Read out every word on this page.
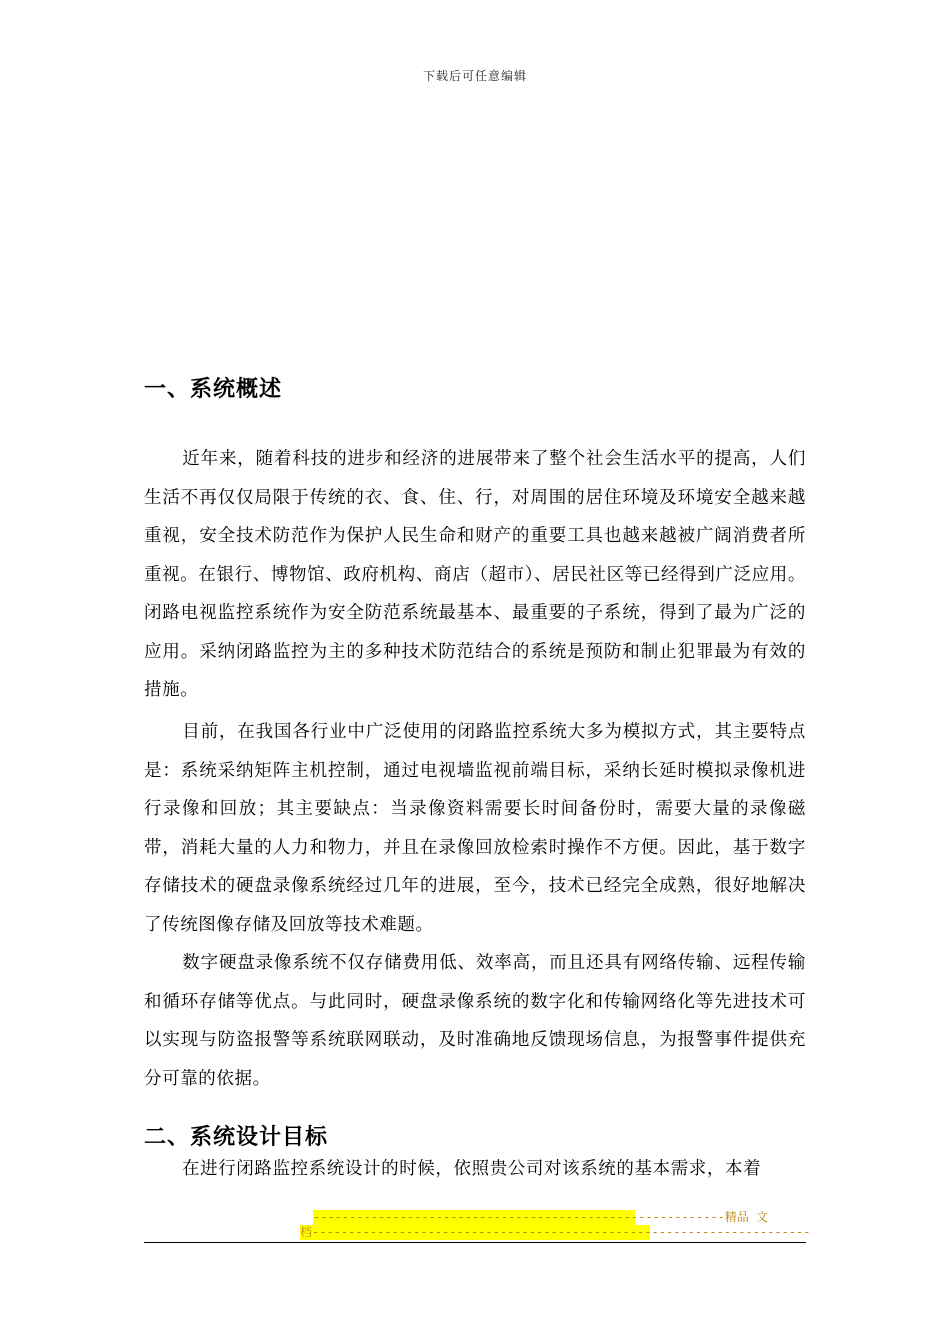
下载后可任意编辑
一、系统概述
近年来，随着科技的进步和经济的进展带来了整个社会生活水平的提高，人们生活不再仅仅局限于传统的衣、食、住、行，对周围的居住环境及环境安全越来越重视，安全技术防范作为保护人民生命和财产的重要工具也越来越被广阔消费者所重视。在银行、博物馆、政府机构、商店（超市）、居民社区等已经得到广泛应用。闭路电视监控系统作为安全防范系统最基本、最重要的子系统，得到了最为广泛的应用。采纳闭路监控为主的多种技术防范结合的系统是预防和制止犯罪最为有效的措施。
目前，在我国各行业中广泛使用的闭路监控系统大多为模拟方式，其主要特点是：系统采纳矩阵主机控制，通过电视墙监视前端目标，采纳长延时模拟录像机进行录像和回放；其主要缺点：当录像资料需要长时间备份时，需要大量的录像磁带，消耗大量的人力和物力，并且在录像回放检索时操作不方便。因此，基于数字存储技术的硬盘录像系统经过几年的进展，至今，技术已经完全成熟，很好地解决了传统图像存储及回放等技术难题。
数字硬盘录像系统不仅存储费用低、效率高，而且还具有网络传输、远程传输和循环存储等优点。与此同时，硬盘录像系统的数字化和传输网络化等先进技术可以实现与防盗报警等系统联网联动，及时准确地反馈现场信息，为报警事件提供充分可靠的依据。
二、系统设计目标
在进行闭路监控系统设计的时候，依照贵公司对该系统的基本需求，本着
---------------------------------------------------------精品 文
档---------------------------------------------------------------------
